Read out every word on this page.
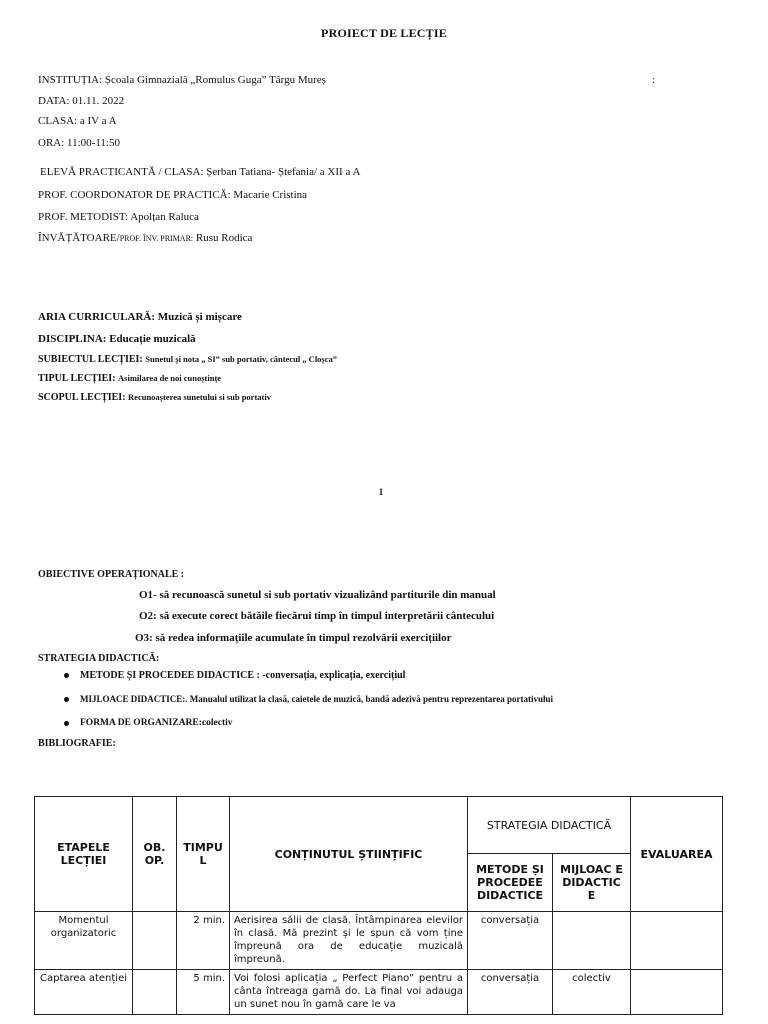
PROIECT DE LECȚIE
INSTITUȚIA: Școala Gimnazială „Romulus Guga” Târgu Mureș	:
DATA: 01.11. 2022
CLASA: a IV a A
ORA: 11:00-11:50
ELEVĂ PRACTICANTĂ / CLASA: Șerban Tatiana- Ștefania/ a XII a A
PROF. COORDONATOR DE PRACTICĂ: Macarie Cristina
PROF. METODIST: Apolțan Raluca
ÎNVĂȚĂTOARE/PROF. ÎNV. PRIMAR: Rusu Rodica
ARIA CURRICULARĂ: Muzică și mișcare
DISCIPLINA: Educație muzicală
SUBIECTUL LECȚIEI: Sunetul și nota „ SI” sub portativ, cântecul „ Cloșca”
TIPUL LECȚIEI: Asimilarea de noi cunoștințe
SCOPUL LECȚIEI: Recunoașterea sunetului si sub portativ
1
OBIECTIVE OPERAȚIONALE :
O1- să recunoască sunetul si sub portativ vizualizând partiturile din manual
O2: să execute corect bătăile fiecărui timp în timpul interpretării cântecului
O3: să redea informațiile acumulate în timpul rezolvării exercițiilor
STRATEGIA DIDACTICĂ:
METODE ȘI PROCEDEE DIDACTICE : -conversația, explicația, exercițiul
MIJLOACE DIDACTICE:. Manualul utilizat la clasă, caietele de muzică, bandă adezivă pentru reprezentarea portativului
FORMA DE ORGANIZARE:colectiv
BIBLIOGRAFIE:
ETAPELE LECȚIEI	OB. OP.	TIMPU L	CONȚINUTUL ȘTIINȚIFIC	STRATEGIA DIDACTICĂ		EVALUAREA
				METODE ȘI PROCEDEE DIDACTICE	MIJLOAC E DIDACTIC E	
Momentul organizatoric		2 min.	Aerisirea sălii de clasă. Întâmpinarea elevilor în clasă. Mă prezint și le spun că vom ține împreună ora de educație muzicală împreună.	conversația		
Captarea atenției		5 min.	Voi folosi aplicația „ Perfect Piano” pentru a cânta întreaga gamă do. La final voi adauga un sunet nou în gamă care le va	conversația	colectiv	
